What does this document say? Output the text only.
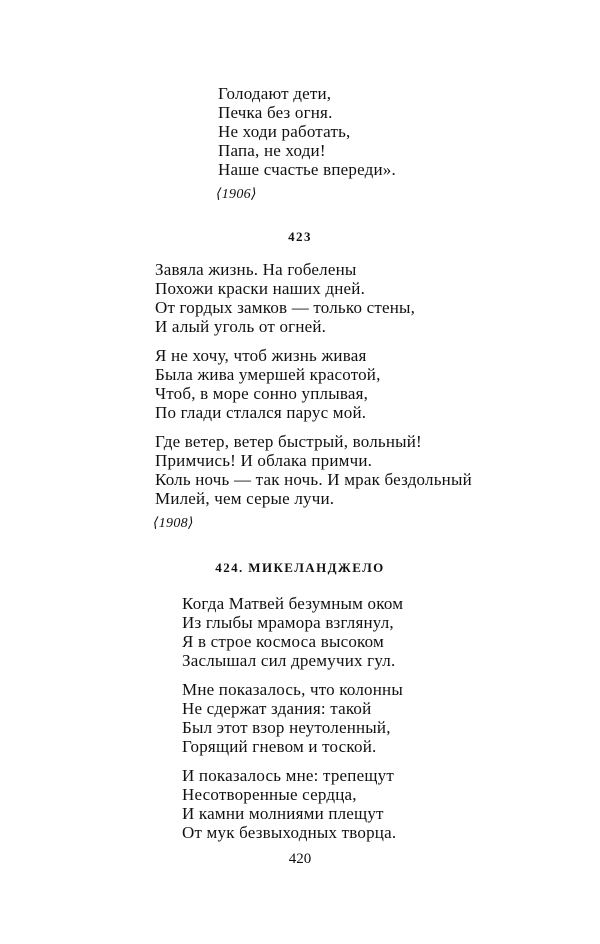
Голодают дети,
Печка без огня.
Не ходи работать,
Папа, не ходи!
Наше счастье впереди».
⟨1906⟩
423
Завяла жизнь. На гобелены
Похожи краски наших дней.
От гордых замков — только стены,
И алый уголь от огней.
Я не хочу, чтоб жизнь живая
Была жива умершей красотой,
Чтоб, в море сонно уплывая,
По глади стлался парус мой.
Где ветер, ветер быстрый, вольный!
Примчись! И облака примчи.
Коль ночь — так ночь. И мрак бездольный
Милей, чем серые лучи.
⟨1908⟩
424. МИКЕЛАНДЖЕЛО
Когда Матвей безумным оком
Из глыбы мрамора взглянул,
Я в строе космоса высоком
Заслышал сил дремучих гул.
Мне показалось, что колонны
Не сдержат здания: такой
Был этот взор неутоленный,
Горящий гневом и тоской.
И показалось мне: трепещут
Несотворенные сердца,
И камни молниями плещут
От мук безвыходных творца.
420
